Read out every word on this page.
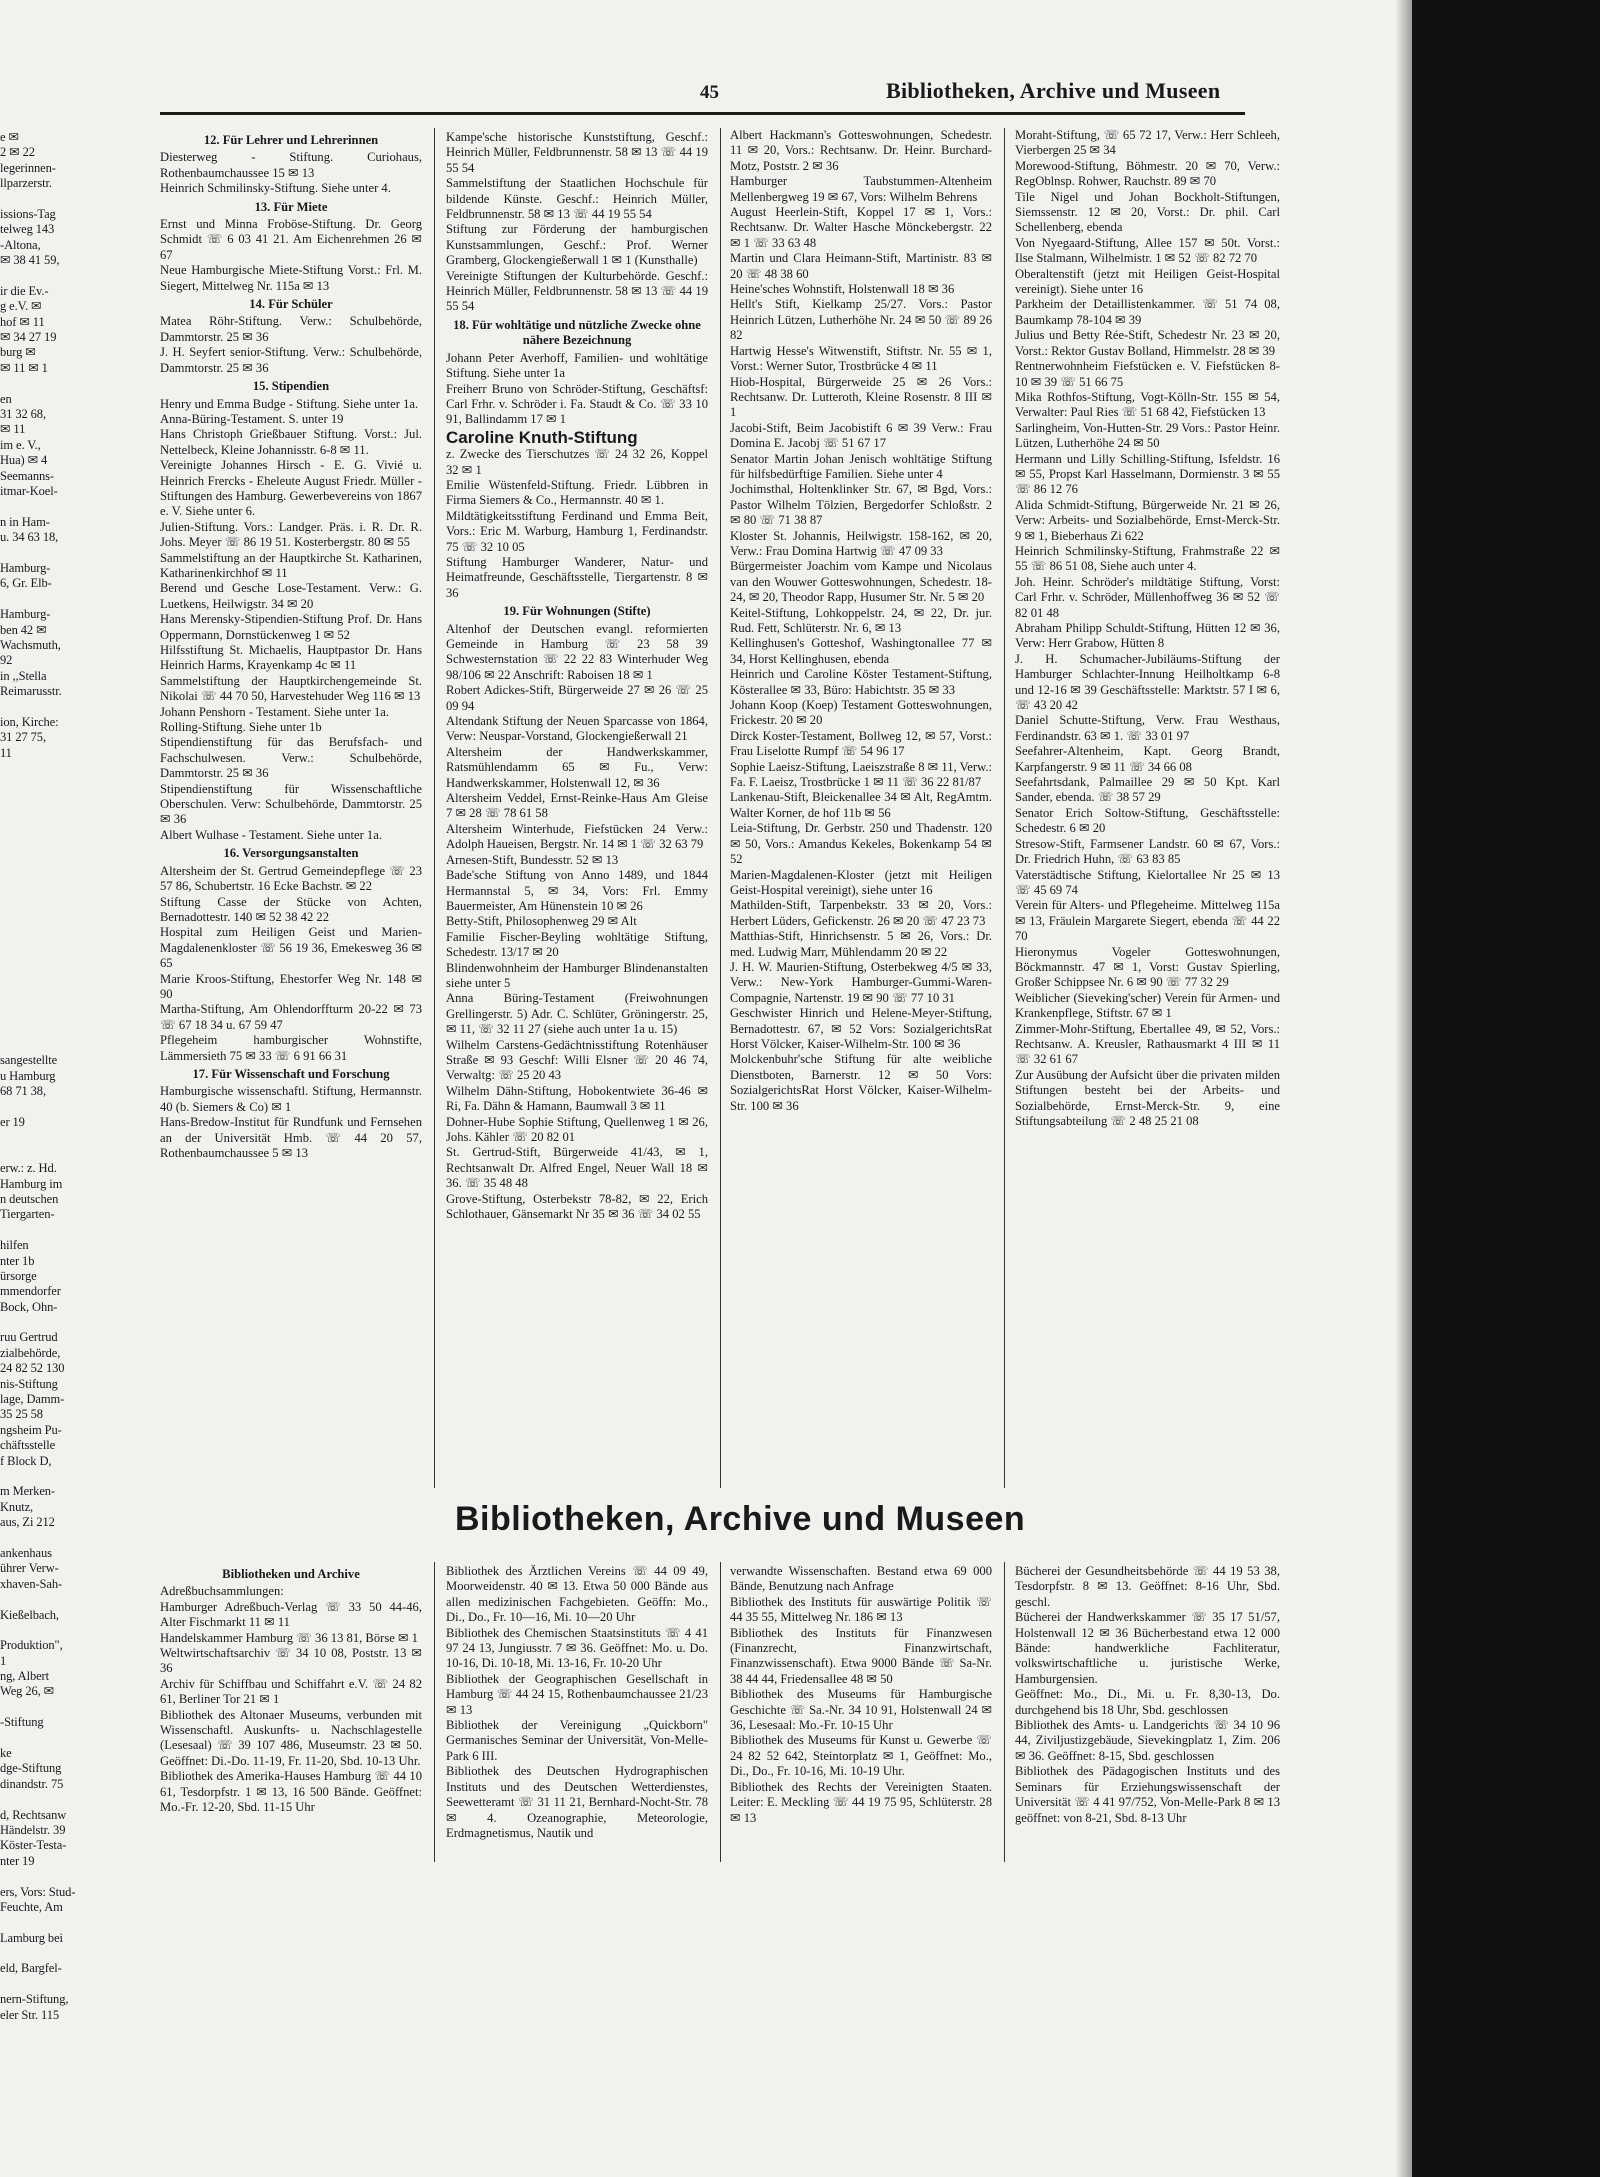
e ✉
2 ✉ 22
legerinnen-
llparzerstr.
issions-Tag
telweg 143
-Altona,
✉ 38 41 59,
ir die Ev.-
g e.V. ✉
hof ✉ 11
✉ 34 27 19
burg ✉
✉ 11 ✉ 1
en
31 32 68,
✉ 11
im e. V.,
Hua) ✉ 4
Seemanns-
itmar-Koel-
n in Ham-
u. 34 63 18,
Hamburg-
6, Gr. Elb-
Hamburg-
ben 42 ✉
Wachsmuth,
92
in ,,Stella
Reimarusstr.
ion, Kirche:
31 27 75,
11
sangestellte
u Hamburg
68 71 38,
er 19
erw.: z. Hd.
Hamburg im
n deutschen
Tiergarten-
hilfen
nter 1b
ürsorge
mmendorfer
Bock, Ohn-
ruu Gertrud
zialbehörde,
24 82 52 130
nis-Stiftung
lage, Damm-
35 25 58
ngsheim Pu-
chäftsstelle
f Block D,
m Merken-
Knutz,
aus, Zi 212
ankenhaus
ührer Verw-
xhaven-Sah-
Kießelbach,
Produktion",
1
ng, Albert
Weg 26, ✉
-Stiftung
ke
dge-Stiftung
dinandstr. 75
d, Rechtsanw
Händelstr. 39
Köster-Testa-
nter 19
ers, Vors: Stud-
Feuchte, Am
Lamburg bei
eld, Bargfel-
nern-Stiftung,
eler Str. 115
45	Bibliotheken, Archive und Museen
12. Für Lehrer und Lehrerinnen
Diesterweg - Stiftung. Curiohaus, Rothenbaumchaussee 15 ✉ 13
Heinrich Schmilinsky-Stiftung. Siehe unter 4.
13. Für Miete
Ernst und Minna Froböse-Stiftung. Dr. Georg Schmidt ☏ 6 03 41 21. Am Eichenrehmen 26 ✉ 67
Neue Hamburgische Miete-Stiftung Vorst.: Frl. M. Siegert, Mittelweg Nr. 115a ✉ 13
14. Für Schüler
Matea Röhr-Stiftung. Verw.: Schulbehörde, Dammtorstr. 25 ✉ 36
J. H. Seyfert senior-Stiftung. Verw.: Schulbehörde, Dammtorstr. 25 ✉ 36
15. Stipendien
Henry und Emma Budge - Stiftung. Siehe unter 1a.
Anna-Büring-Testament. S. unter 19
Hans Christoph Grießbauer Stiftung. Vorst.: Jul. Nettelbeck, Kleine Johannisstr. 6-8 ✉ 11.
Vereinigte Johannes Hirsch - E. G. Vivié u. Heinrich Frercks - Eheleute August Friedr. Müller - Stiftungen des Hamburg. Gewerbevereins von 1867 e. V. Siehe unter 6.
Julien-Stiftung. Vors.: Landger. Präs. i. R. Dr. R. Johs. Meyer ☏ 86 19 51. Kosterbergstr. 80 ✉ 55
Sammelstiftung an der Hauptkirche St. Katharinen, Katharinenkirchhof ✉ 11
Berend und Gesche Lose-Testament. Verw.: G. Luetkens, Heilwigstr. 34 ✉ 20
Hans Merensky-Stipendien-Stiftung Prof. Dr. Hans Oppermann, Dornstückenweg 1 ✉ 52
Hilfsstiftung St. Michaelis, Hauptpastor Dr. Hans Heinrich Harms, Krayenkamp 4c ✉ 11
Sammelstiftung der Hauptkirchengemeinde St. Nikolai ☏ 44 70 50, Harvestehuder Weg 116 ✉ 13
Johann Penshorn - Testament. Siehe unter 1a.
Rolling-Stiftung. Siehe unter 1b
Stipendienstiftung für das Berufsfach- und Fachschulwesen. Verw.: Schulbehörde, Dammtorstr. 25 ✉ 36
Stipendienstiftung für Wissenschaftliche Oberschulen. Verw: Schulbehörde, Dammtorstr. 25 ✉ 36
Albert Wulhase - Testament. Siehe unter 1a.
16. Versorgungsanstalten
Altersheim der St. Gertrud Gemeindepflege ☏ 23 57 86, Schubertstr. 16 Ecke Bachstr. ✉ 22
Stiftung Casse der Stücke von Achten, Bernadottestr. 140 ✉ 52 38 42 22
Hospital zum Heiligen Geist und Marien-Magdalenenkloster ☏ 56 19 36, Emekesweg 36 ✉ 65
Marie Kroos-Stiftung, Ehestorfer Weg Nr. 148 ✉ 90
Martha-Stiftung, Am Ohlendorffturm 20-22 ✉ 73 ☏ 67 18 34 u. 67 59 47
Pflegeheim hamburgischer Wohnstifte, Lämmersieth 75 ✉ 33 ☏ 6 91 66 31
17. Für Wissenschaft und Forschung
Hamburgische wissenschaftl. Stiftung, Hermannstr. 40 (b. Siemers & Co) ✉ 1
Hans-Bredow-Institut für Rundfunk und Fernsehen an der Universität Hmb. ☏ 44 20 57, Rothenbaumchaussee 5 ✉ 13
Kampe'sche historische Kunststiftung, Geschf.: Heinrich Müller, Feldbrunnenstr. 58 ✉ 13 ☏ 44 19 55 54
Sammelstiftung der Staatlichen Hochschule für bildende Künste. Geschf.: Heinrich Müller, Feldbrunnenstr. 58 ✉ 13 ☏ 44 19 55 54
Stiftung zur Förderung der hamburgischen Kunstsammlungen, Geschf.: Prof. Werner Gramberg, Glockengießerwall 1 ✉ 1 (Kunsthalle)
Vereinigte Stiftungen der Kulturbehörde. Geschf.: Heinrich Müller, Feldbrunnenstr. 58 ✉ 13 ☏ 44 19 55 54
18. Für wohltätige und nützliche Zwecke ohne nähere Bezeichnung
Johann Peter Averhoff, Familien- und wohltätige Stiftung. Siehe unter 1a
Freiherr Bruno von Schröder-Stiftung, Geschäftsf: Carl Frhr. v. Schröder i. Fa. Staudt & Co. ☏ 33 10 91, Ballindamm 17 ✉ 1
Caroline Knuth-Stiftung
z. Zwecke des Tierschutzes ☏ 24 32 26, Koppel 32 ✉ 1
Emilie Wüstenfeld-Stiftung. Friedr. Lübbren in Firma Siemers & Co., Hermannstr. 40 ✉ 1.
Mildtätigkeitsstiftung Ferdinand und Emma Beit, Vors.: Eric M. Warburg, Hamburg 1, Ferdinandstr. 75 ☏ 32 10 05
Stiftung Hamburger Wanderer, Natur- und Heimatfreunde, Geschäftsstelle, Tiergartenstr. 8 ✉ 36
19. Für Wohnungen (Stifte)
Altenhof der Deutschen evangl. reformierten Gemeinde in Hamburg ☏ 23 58 39 Schwesternstation ☏ 22 22 83 Winterhuder Weg 98/106 ✉ 22 Anschrift: Raboisen 18 ✉ 1
Robert Adickes-Stift, Bürgerweide 27 ✉ 26 ☏ 25 09 94
Altendank Stiftung der Neuen Sparcasse von 1864, Verw: Neuspar-Vorstand, Glockengießerwall 21
Altersheim der Handwerkskammer, Ratsmühlendamm 65 ✉ Fu., Verw: Handwerkskammer, Holstenwall 12, ✉ 36
Altersheim Veddel, Ernst-Reinke-Haus Am Gleise 7 ✉ 28 ☏ 78 61 58
Altersheim Winterhude, Fiefstücken 24 Verw.: Adolph Haueisen, Bergstr. Nr. 14 ✉ 1 ☏ 32 63 79
Arnesen-Stift, Bundesstr. 52 ✉ 13
Bade'sche Stiftung von Anno 1489, und 1844 Hermannstal 5, ✉ 34, Vors: Frl. Emmy Bauermeister, Am Hünenstein 10 ✉ 26
Betty-Stift, Philosophenweg 29 ✉ Alt
Familie Fischer-Beyling wohltätige Stiftung, Schedestr. 13/17 ✉ 20
Blindenwohnheim der Hamburger Blindenanstalten siehe unter 5
Anna Büring-Testament (Freiwohnungen Grellingerstr. 5) Adr. C. Schlüter, Gröningerstr. 25, ✉ 11, ☏ 32 11 27 (siehe auch unter 1a u. 15)
Wilhelm Carstens-Gedächtnisstiftung Rotenhäuser Straße ✉ 93 Geschf: Willi Elsner ☏ 20 46 74, Verwaltg: ☏ 25 20 43
Wilhelm Dähn-Stiftung, Hobokentwiete 36-46 ✉ Ri, Fa. Dähn & Hamann, Baumwall 3 ✉ 11
Dohner-Hube Sophie Stiftung, Quellenweg 1 ✉ 26, Johs. Kähler ☏ 20 82 01
St. Gertrud-Stift, Bürgerweide 41/43, ✉ 1, Rechtsanwalt Dr. Alfred Engel, Neuer Wall 18 ✉ 36. ☏ 35 48 48
Grove-Stiftung, Osterbekstr 78-82, ✉ 22, Erich Schlothauer, Gänsemarkt Nr 35 ✉ 36 ☏ 34 02 55
Albert Hackmann's Gotteswohnungen, Schedestr. 11 ✉ 20, Vors.: Rechtsanw. Dr. Heinr. Burchard-Motz, Poststr. 2 ✉ 36
Hamburger Taubstummen-Altenheim Mellenbergweg 19 ✉ 67, Vors: Wilhelm Behrens
August Heerlein-Stift, Koppel 17 ✉ 1, Vors.: Rechtsanw. Dr. Walter Hasche Mönckebergstr. 22 ✉ 1 ☏ 33 63 48
Martin und Clara Heimann-Stift, Martinistr. 83 ✉ 20 ☏ 48 38 60
Heine'sches Wohnstift, Holstenwall 18 ✉ 36
Hellt's Stift, Kielkamp 25/27. Vors.: Pastor Heinrich Lützen, Lutherhöhe Nr. 24 ✉ 50 ☏ 89 26 82
Hartwig Hesse's Witwenstift, Stiftstr. Nr. 55 ✉ 1, Vorst.: Werner Sutor, Trostbrücke 4 ✉ 11
Hiob-Hospital, Bürgerweide 25 ✉ 26 Vors.: Rechtsanw. Dr. Lutteroth, Kleine Rosenstr. 8 III ✉ 1
Jacobi-Stift, Beim Jacobistift 6 ✉ 39 Verw.: Frau Domina E. Jacobj ☏ 51 67 17
Senator Martin Johan Jenisch wohltätige Stiftung für hilfsbedürftige Familien. Siehe unter 4
Jochimsthal, Holtenklinker Str. 67, ✉ Bgd, Vors.: Pastor Wilhelm Tölzien, Bergedorfer Schloßstr. 2 ✉ 80 ☏ 71 38 87
Kloster St. Johannis, Heilwigstr. 158-162, ✉ 20, Verw.: Frau Domina Hartwig ☏ 47 09 33
Bürgermeister Joachim vom Kampe und Nicolaus van den Wouwer Gotteswohnungen, Schedestr. 18-24, ✉ 20, Theodor Rapp, Husumer Str. Nr. 5 ✉ 20
Keitel-Stiftung, Lohkoppelstr. 24, ✉ 22, Dr. jur. Rud. Fett, Schlüterstr. Nr. 6, ✉ 13
Kellinghusen's Gotteshof, Washingtonallee 77 ✉ 34, Horst Kellinghusen, ebenda
Heinrich und Caroline Köster Testament-Stiftung, Kösterallee ✉ 33, Büro: Habichtstr. 35 ✉ 33
Johann Koop (Koep) Testament Gotteswohnungen, Frickestr. 20 ✉ 20
Dirck Koster-Testament, Bollweg 12, ✉ 57, Vorst.: Frau Liselotte Rumpf ☏ 54 96 17
Sophie Laeisz-Stiftung, Laeiszstraße 8 ✉ 11, Verw.: Fa. F. Laeisz, Trostbrücke 1 ✉ 11 ☏ 36 22 81/87
Lankenau-Stift, Bleickenallee 34 ✉ Alt, RegAmtm. Walter Korner, de hof 11b ✉ 56
Leia-Stiftung, Dr. Gerbstr. 250 und Thadenstr. 120 ✉ 50, Vors.: Amandus Kekeles, Bokenkamp 54 ✉ 52
Marien-Magdalenen-Kloster (jetzt mit Heiligen Geist-Hospital vereinigt), siehe unter 16
Mathilden-Stift, Tarpenbekstr. 33 ✉ 20, Vors.: Herbert Lüders, Gefickenstr. 26 ✉ 20 ☏ 47 23 73
Matthias-Stift, Hinrichsenstr. 5 ✉ 26, Vors.: Dr. med. Ludwig Marr, Mühlendamm 20 ✉ 22
J. H. W. Maurien-Stiftung, Osterbekweg 4/5 ✉ 33, Verw.: New-York Hamburger-Gummi-Waren-Compagnie, Nartenstr. 19 ✉ 90 ☏ 77 10 31
Geschwister Hinrich und Helene-Meyer-Stiftung, Bernadottestr. 67, ✉ 52 Vors: SozialgerichtsRat Horst Völcker, Kaiser-Wilhelm-Str. 100 ✉ 36
Molckenbuhr'sche Stiftung für alte weibliche Dienstboten, Barnerstr. 12 ✉ 50 Vors: SozialgerichtsRat Horst Völcker, Kaiser-Wilhelm-Str. 100 ✉ 36
Moraht-Stiftung, ☏ 65 72 17, Verw.: Herr Schleeh, Vierbergen 25 ✉ 34
Morewood-Stiftung, Böhmestr. 20 ✉ 70, Verw.: RegOblnsp. Rohwer, Rauchstr. 89 ✉ 70
Tile Nigel und Johan Bockholt-Stiftungen, Siemssenstr. 12 ✉ 20, Vorst.: Dr. phil. Carl Schellenberg, ebenda
Von Nyegaard-Stiftung, Allee 157 ✉ 50t. Vorst.: Ilse Stalmann, Wilhelmistr. 1 ✉ 52 ☏ 82 72 70
Oberaltenstift (jetzt mit Heiligen Geist-Hospital vereinigt). Siehe unter 16
Parkheim der Detaillistenkammer. ☏ 51 74 08, Baumkamp 78-104 ✉ 39
Julius und Betty Rée-Stift, Schedestr Nr. 23 ✉ 20, Vorst.: Rektor Gustav Bolland, Himmelstr. 28 ✉ 39
Rentnerwohnheim Fiefstücken e. V. Fiefstücken 8-10 ✉ 39 ☏ 51 66 75
Mika Rothfos-Stiftung, Vogt-Kölln-Str. 155 ✉ 54, Verwalter: Paul Ries ☏ 51 68 42, Fiefstücken 13
Sarlingheim, Von-Hutten-Str. 29 Vors.: Pastor Heinr. Lützen, Lutherhöhe 24 ✉ 50
Hermann und Lilly Schilling-Stiftung, Isfeldstr. 16 ✉ 55, Propst Karl Hasselmann, Dormienstr. 3 ✉ 55 ☏ 86 12 76
Alida Schmidt-Stiftung, Bürgerweide Nr. 21 ✉ 26, Verw: Arbeits- und Sozialbehörde, Ernst-Merck-Str. 9 ✉ 1, Bieberhaus Zi 622
Heinrich Schmilinsky-Stiftung, Frahmstraße 22 ✉ 55 ☏ 86 51 08, Siehe auch unter 4.
Joh. Heinr. Schröder's mildtätige Stiftung, Vorst: Carl Frhr. v. Schröder, Müllenhoffweg 36 ✉ 52 ☏ 82 01 48
Abraham Philipp Schuldt-Stiftung, Hütten 12 ✉ 36, Verw: Herr Grabow, Hütten 8
J. H. Schumacher-Jubiläums-Stiftung der Hamburger Schlachter-Innung Heilholtkamp 6-8 und 12-16 ✉ 39 Geschäftsstelle: Marktstr. 57 I ✉ 6, ☏ 43 20 42
Daniel Schutte-Stiftung, Verw. Frau Westhaus, Ferdinandstr. 63 ✉ 1. ☏ 33 01 97
Seefahrer-Altenheim, Kapt. Georg Brandt, Karpfangerstr. 9 ✉ 11 ☏ 34 66 08
Seefahrtsdank, Palmaillee 29 ✉ 50 Kpt. Karl Sander, ebenda. ☏ 38 57 29
Senator Erich Soltow-Stiftung, Geschäftsstelle: Schedestr. 6 ✉ 20
Stresow-Stift, Farmsener Landstr. 60 ✉ 67, Vors.: Dr. Friedrich Huhn, ☏ 63 83 85
Vaterstädtische Stiftung, Kielortallee Nr 25 ✉ 13 ☏ 45 69 74
Verein für Alters- und Pflegeheime. Mittelweg 115a ✉ 13, Fräulein Margarete Siegert, ebenda ☏ 44 22 70
Hieronymus Vogeler Gotteswohnungen, Böckmannstr. 47 ✉ 1, Vorst: Gustav Spierling, Großer Schippsee Nr. 6 ✉ 90 ☏ 77 32 29
Weiblicher (Sieveking'scher) Verein für Armen- und Krankenpflege, Stiftstr. 67 ✉ 1
Zimmer-Mohr-Stiftung, Ebertallee 49, ✉ 52, Vors.: Rechtsanw. A. Kreusler, Rathausmarkt 4 III ✉ 11 ☏ 32 61 67
Zur Ausübung der Aufsicht über die privaten milden Stiftungen besteht bei der Arbeits- und Sozialbehörde, Ernst-Merck-Str. 9, eine Stiftungsabteilung ☏ 2 48 25 21 08
Bibliotheken, Archive und Museen
Bibliotheken und Archive
Adreßbuchsammlungen:
Hamburger Adreßbuch-Verlag ☏ 33 50 44-46, Alter Fischmarkt 11 ✉ 11
Handelskammer Hamburg ☏ 36 13 81, Börse ✉ 1
Weltwirtschaftsarchiv ☏ 34 10 08, Poststr. 13 ✉ 36
Archiv für Schiffbau und Schiffahrt e.V. ☏ 24 82 61, Berliner Tor 21 ✉ 1
Bibliothek des Altonaer Museums, verbunden mit Wissenschaftl. Auskunfts- u. Nachschlagestelle (Lesesaal) ☏ 39 107 486, Museumstr. 23 ✉ 50. Geöffnet: Di.-Do. 11-19, Fr. 11-20, Sbd. 10-13 Uhr.
Bibliothek des Amerika-Hauses Hamburg ☏ 44 10 61, Tesdorpfstr. 1 ✉ 13, 16 500 Bände. Geöffnet: Mo.-Fr. 12-20, Sbd. 11-15 Uhr
Bibliothek des Ärztlichen Vereins ☏ 44 09 49, Moorweidenstr. 40 ✉ 13. Etwa 50 000 Bände aus allen medizinischen Fachgebieten. Geöffn: Mo., Di., Do., Fr. 10—16, Mi. 10—20 Uhr
Bibliothek des Chemischen Staatsinstituts ☏ 4 41 97 24 13, Jungiusstr. 7 ✉ 36. Geöffnet: Mo. u. Do. 10-16, Di. 10-18, Mi. 13-16, Fr. 10-20 Uhr
Bibliothek der Geographischen Gesellschaft in Hamburg ☏ 44 24 15, Rothenbaumchaussee 21/23 ✉ 13
Bibliothek der Vereinigung „Quickborn" Germanisches Seminar der Universität, Von-Melle-Park 6 III.
Bibliothek des Deutschen Hydrographischen Instituts und des Deutschen Wetterdienstes, Seewetteramt ☏ 31 11 21, Bernhard-Nocht-Str. 78 ✉ 4. Ozeanographie, Meteorologie, Erdmagnetismus, Nautik und
verwandte Wissenschaften. Bestand etwa 69 000 Bände, Benutzung nach Anfrage
Bibliothek des Instituts für auswärtige Politik ☏ 44 35 55, Mittelweg Nr. 186 ✉ 13
Bibliothek des Instituts für Finanzwesen (Finanzrecht, Finanzwirtschaft, Finanzwissenschaft). Etwa 9000 Bände ☏ Sa-Nr. 38 44 44, Friedensallee 48 ✉ 50
Bibliothek des Museums für Hamburgische Geschichte ☏ Sa.-Nr. 34 10 91, Holstenwall 24 ✉ 36, Lesesaal: Mo.-Fr. 10-15 Uhr
Bibliothek des Museums für Kunst u. Gewerbe ☏ 24 82 52 642, Steintorplatz ✉ 1, Geöffnet: Mo., Di., Do., Fr. 10-16, Mi. 10-19 Uhr.
Bibliothek des Rechts der Vereinigten Staaten. Leiter: E. Meckling ☏ 44 19 75 95, Schlüterstr. 28 ✉ 13
Bücherei der Gesundheitsbehörde ☏ 44 19 53 38, Tesdorpfstr. 8 ✉ 13. Geöffnet: 8-16 Uhr, Sbd. geschl.
Bücherei der Handwerkskammer ☏ 35 17 51/57, Holstenwall 12 ✉ 36 Bücherbestand etwa 12 000 Bände: handwerkliche Fachliteratur, volkswirtschaftliche u. juristische Werke, Hamburgensien.
Geöffnet: Mo., Di., Mi. u. Fr. 8,30-13, Do. durchgehend bis 18 Uhr, Sbd. geschlossen
Bibliothek des Amts- u. Landgerichts ☏ 34 10 96 44, Ziviljustizgebäude, Sievekingplatz 1, Zim. 206 ✉ 36. Geöffnet: 8-15, Sbd. geschlossen
Bibliothek des Pädagogischen Instituts und des Seminars für Erziehungswissenschaft der Universität ☏ 4 41 97/752, Von-Melle-Park 8 ✉ 13 geöffnet: von 8-21, Sbd. 8-13 Uhr
